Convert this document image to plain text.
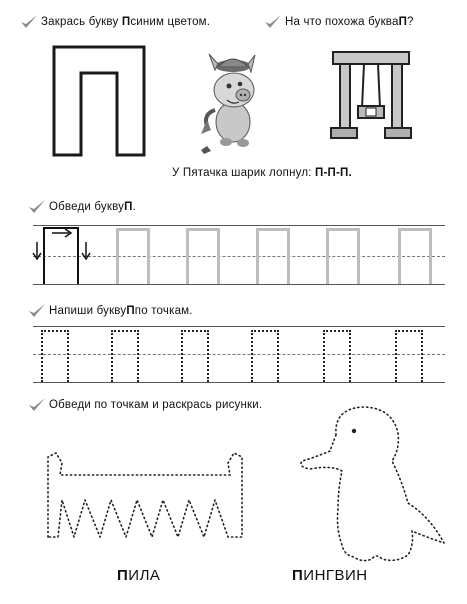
Закрась букву
П синим цветом.	На что похожа буква П ?
У Пятачка шарик лопнул: П-П-П.
Обведи букву П .
Напиши букву П по точкам.
Обведи по точкам и раскрась рисунки.
ПИЛА	ПИНГВИН
